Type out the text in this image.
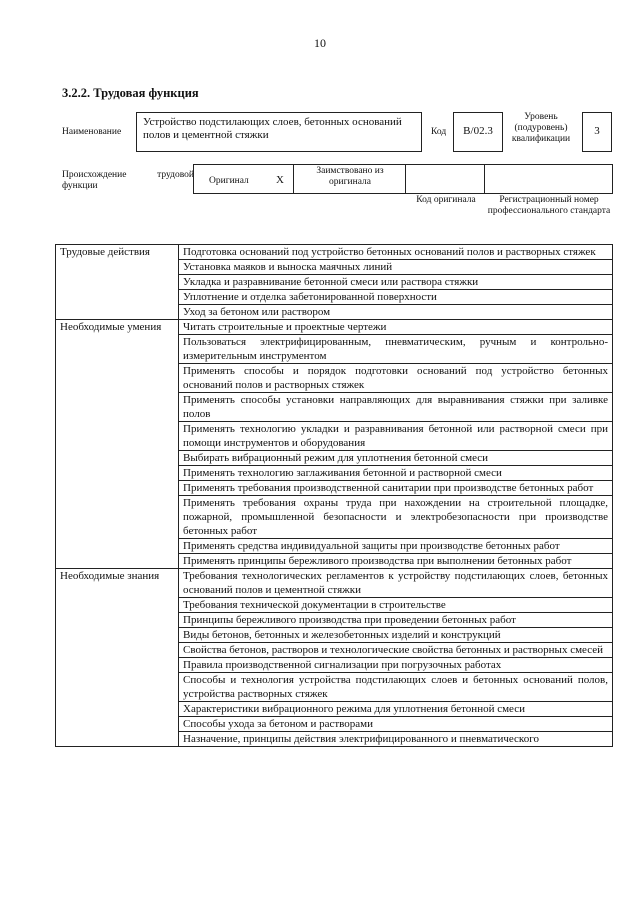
10
3.2.2. Трудовая функция
Наименование
Устройство подстилающих слоев, бетонных оснований полов и цементной стяжки	Код	B/02.3
Уровень (подуровень) квалификации
3
Происхождение трудовой функции	Оригинал X
Заимствовано из оригинала
Код оригинала	Регистрационный номер профессионального стандарта
Трудовые действия	Подготовка оснований под устройство бетонных оснований полов и растворных стяжек
	Установка маяков и выноска маячных линий
	Укладка и разравнивание бетонной смеси или раствора стяжки
	Уплотнение и отделка забетонированной поверхности
	Уход за бетоном или раствором
Необходимые умения	Читать строительные и проектные чертежи
	Пользоваться электрифицированным, пневматическим, ручным и контрольно-измерительным инструментом
	Применять способы и порядок подготовки оснований под устройство бетонных оснований полов и растворных стяжек
	Применять способы установки направляющих для выравнивания стяжки при заливке полов
	Применять технологию укладки и разравнивания бетонной или растворной смеси при помощи инструментов и оборудования
	Выбирать вибрационный режим для уплотнения бетонной смеси
	Применять технологию заглаживания бетонной и растворной смеси
	Применять требования производственной санитарии при производстве бетонных работ
	Применять требования охраны труда при нахождении на строительной площадке, пожарной, промышленной безопасности и электробезопасности при производстве бетонных работ
	Применять средства индивидуальной защиты при производстве бетонных работ
	Применять принципы бережливого производства при выполнении бетонных работ
Необходимые знания	Требования технологических регламентов к устройству подстилающих слоев, бетонных оснований полов и цементной стяжки
	Требования технической документации в строительстве
	Принципы бережливого производства при проведении бетонных работ
	Виды бетонов, бетонных и железобетонных изделий и конструкций
	Свойства бетонов, растворов и технологические свойства бетонных и растворных смесей
	Правила производственной сигнализации при погрузочных работах
	Способы и технология устройства подстилающих слоев и бетонных оснований полов, устройства растворных стяжек
	Характеристики вибрационного режима для уплотнения бетонной смеси
	Способы ухода за бетоном и растворами
	Назначение, принципы действия электрифицированного и пневматического
